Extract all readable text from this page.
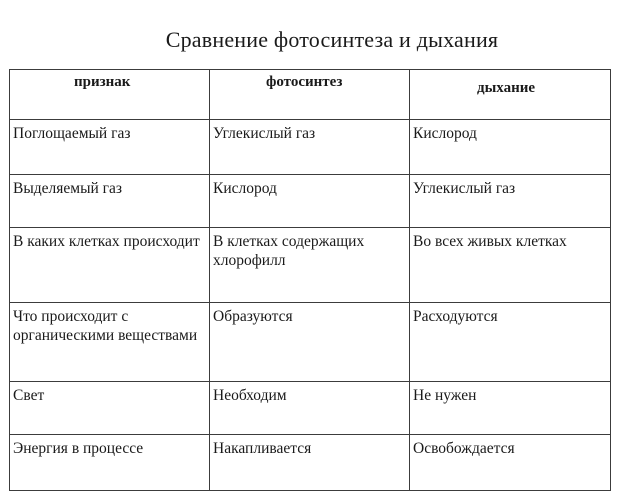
Сравнение фотосинтеза и дыхания
признак	фотосинтез	дыхание

Поглощаемый газ	Углекислый газ	Кислород
Выделяемый газ	Кислород	Углекислый газ
В каких клетках происходит	В клетках содержащих хлорофилл	Во всех живых клетках
Что происходит с органическими веществами	Образуются	Расходуются
Свет	Необходим	Не нужен
Энергия в процессе	Накапливается	Освобождается
